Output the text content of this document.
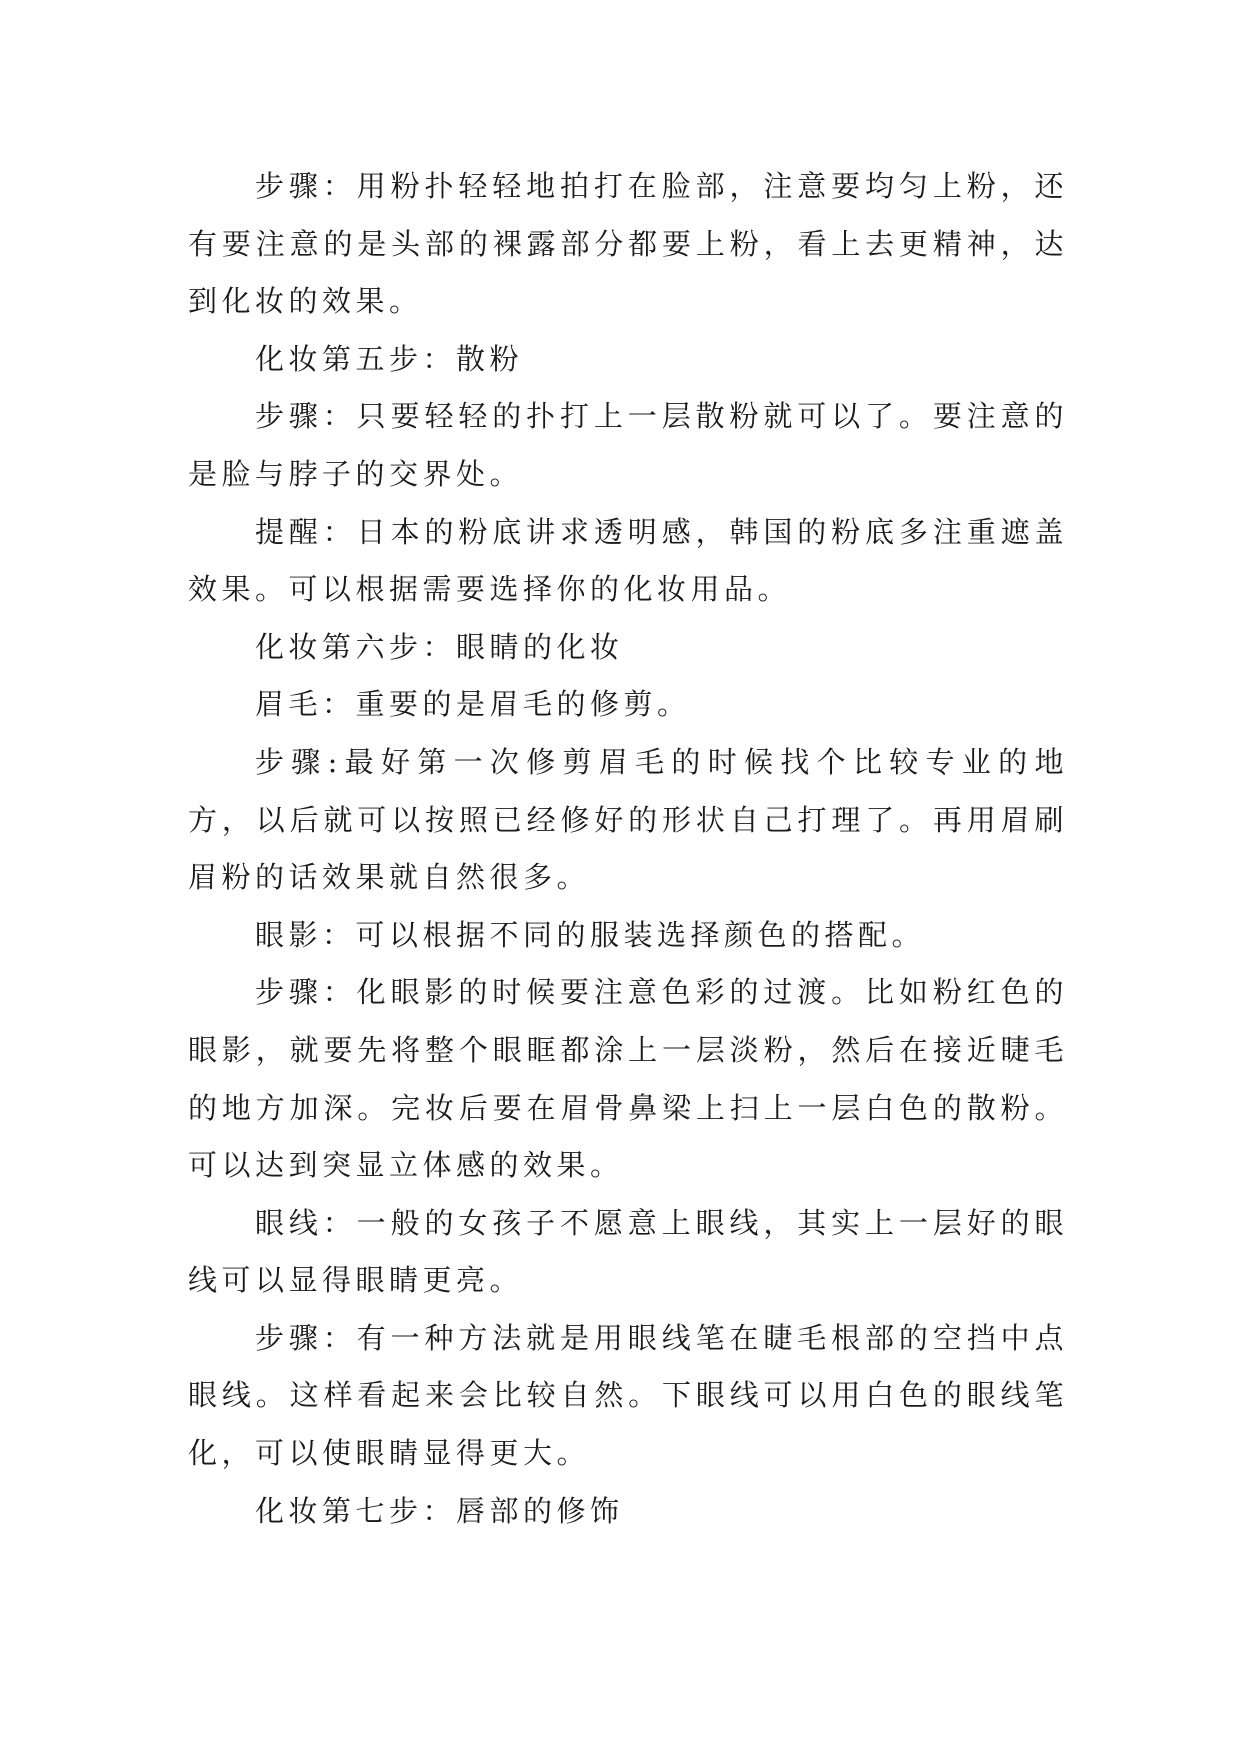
步骤：用粉扑轻轻地拍打在脸部，注意要均匀上粉，还有要注意的是头部的裸露部分都要上粉，看上去更精神，达到化妆的效果。

化妆第五步：散粉

步骤：只要轻轻的扑打上一层散粉就可以了。要注意的是脸与脖子的交界处。

提醒：日本的粉底讲求透明感，韩国的粉底多注重遮盖效果。可以根据需要选择你的化妆用品。

化妆第六步：眼睛的化妆

眉毛：重要的是眉毛的修剪。

步骤:最好第一次修剪眉毛的时候找个比较专业的地方，以后就可以按照已经修好的形状自己打理了。再用眉刷眉粉的话效果就自然很多。

眼影：可以根据不同的服装选择颜色的搭配。

步骤：化眼影的时候要注意色彩的过渡。比如粉红色的眼影，就要先将整个眼眶都涂上一层淡粉，然后在接近睫毛的地方加深。完妆后要在眉骨鼻梁上扫上一层白色的散粉。可以达到突显立体感的效果。

眼线：一般的女孩子不愿意上眼线，其实上一层好的眼线可以显得眼睛更亮。

步骤：有一种方法就是用眼线笔在睫毛根部的空挡中点眼线。这样看起来会比较自然。下眼线可以用白色的眼线笔化，可以使眼睛显得更大。

化妆第七步：唇部的修饰
